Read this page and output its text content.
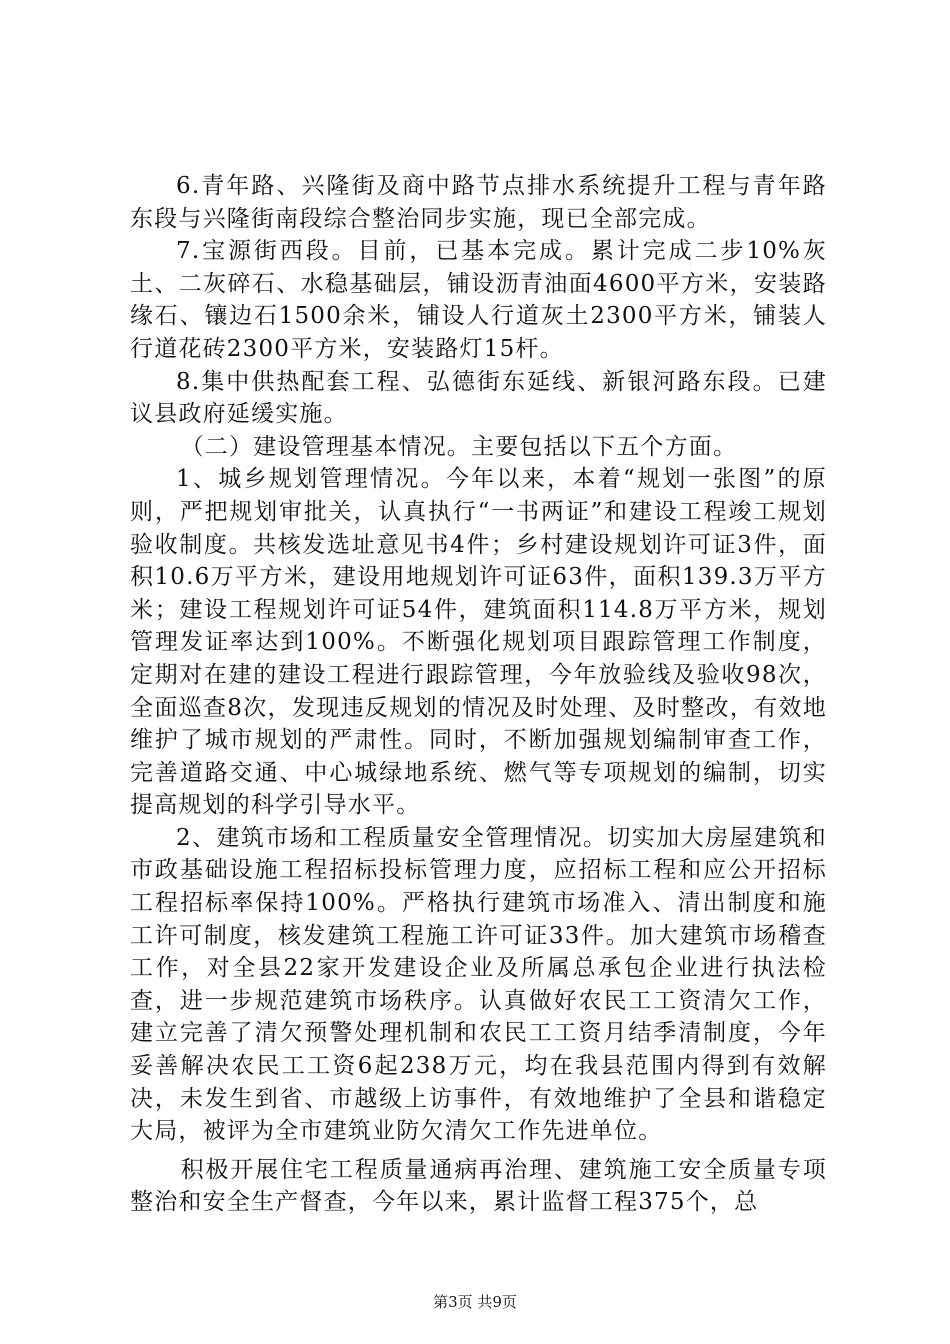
6.青年路、兴隆街及商中路节点排水系统提升工程与青年路东段与兴隆街南段综合整治同步实施，现已全部完成。

7.宝源街西段。目前，已基本完成。累计完成二步10%灰土、二灰碎石、水稳基础层，铺设沥青油面4600平方米，安装路缘石、镶边石1500余米，铺设人行道灰土2300平方米，铺装人行道花砖2300平方米，安装路灯15杆。

8.集中供热配套工程、弘德街东延线、新银河路东段。已建议县政府延缓实施。

（二）建设管理基本情况。主要包括以下五个方面。

1、城乡规划管理情况。今年以来，本着“规划一张图”的原则，严把规划审批关，认真执行“一书两证”和建设工程竣工规划验收制度。共核发选址意见书4件；乡村建设规划许可证3件，面积10.6万平方米，建设用地规划许可证63件，面积139.3万平方米；建设工程规划许可证54件，建筑面积114.8万平方米，规划管理发证率达到100%。不断强化规划项目跟踪管理工作制度，定期对在建的建设工程进行跟踪管理，今年放验线及验收98次，全面巡查8次，发现违反规划的情况及时处理、及时整改，有效地维护了城市规划的严肃性。同时，不断加强规划编制审查工作，完善道路交通、中心城绿地系统、燃气等专项规划的编制，切实提高规划的科学引导水平。

2、建筑市场和工程质量安全管理情况。切实加大房屋建筑和市政基础设施工程招标投标管理力度，应招标工程和应公开招标工程招标率保持100%。严格执行建筑市场准入、清出制度和施工许可制度，核发建筑工程施工许可证33件。加大建筑市场稽查工作，对全县22家开发建设企业及所属总承包企业进行执法检查，进一步规范建筑市场秩序。认真做好农民工工资清欠工作，建立完善了清欠预警处理机制和农民工工资月结季清制度，今年妥善解决农民工工资6起238万元，均在我县范围内得到有效解决，未发生到省、市越级上访事件，有效地维护了全县和谐稳定大局，被评为全市建筑业防欠清欠工作先进单位。

积极开展住宅工程质量通病再治理、建筑施工安全质量专项整治和安全生产督查，今年以来，累计监督工程375个，总

第3页 共9页
